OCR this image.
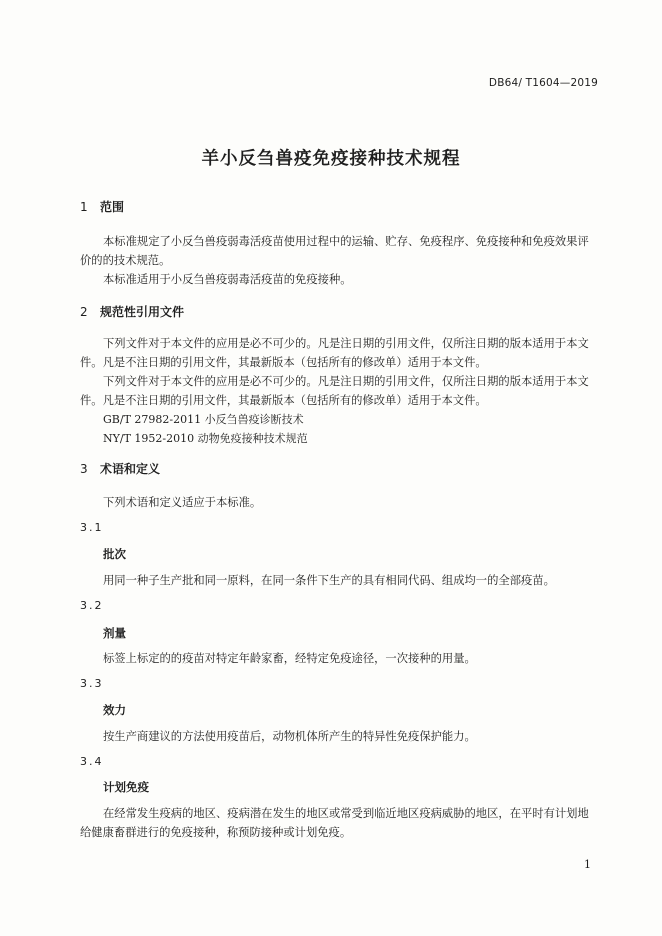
DB64/ T1604—2019
羊小反刍兽疫免疫接种技术规程
1 范围

本标准规定了小反刍兽疫弱毒活疫苗使用过程中的运输、贮存、免疫程序、免疫接种和免疫效果评价的的技术规范。

本标准适用于小反刍兽疫弱毒活疫苗的免疫接种。

2 规范性引用文件

下列文件对于本文件的应用是必不可少的。凡是注日期的引用文件，仅所注日期的版本适用于本文件。凡是不注日期的引用文件，其最新版本（包括所有的修改单）适用于本文件。

下列文件对于本文件的应用是必不可少的。凡是注日期的引用文件，仅所注日期的版本适用于本文件。凡是不注日期的引用文件，其最新版本（包括所有的修改单）适用于本文件。

GB/T 27982-2011 小反刍兽疫诊断技术

NY/T 1952-2010 动物免疫接种技术规范

3 术语和定义
下列术语和定义适应于本标准。
3.1
批次
用同一种子生产批和同一原料，在同一条件下生产的具有相同代码、组成均一的全部疫苗。
3.2
剂量
标签上标定的的疫苗对特定年龄家畜，经特定免疫途径，一次接种的用量。
3.3
效力
按生产商建议的方法使用疫苗后，动物机体所产生的特异性免疫保护能力。
3.4
计划免疫

在经常发生疫病的地区、疫病潜在发生的地区或常受到临近地区疫病威胁的地区，在平时有计划地给健康畜群进行的免疫接种，称预防接种或计划免疫。

1
